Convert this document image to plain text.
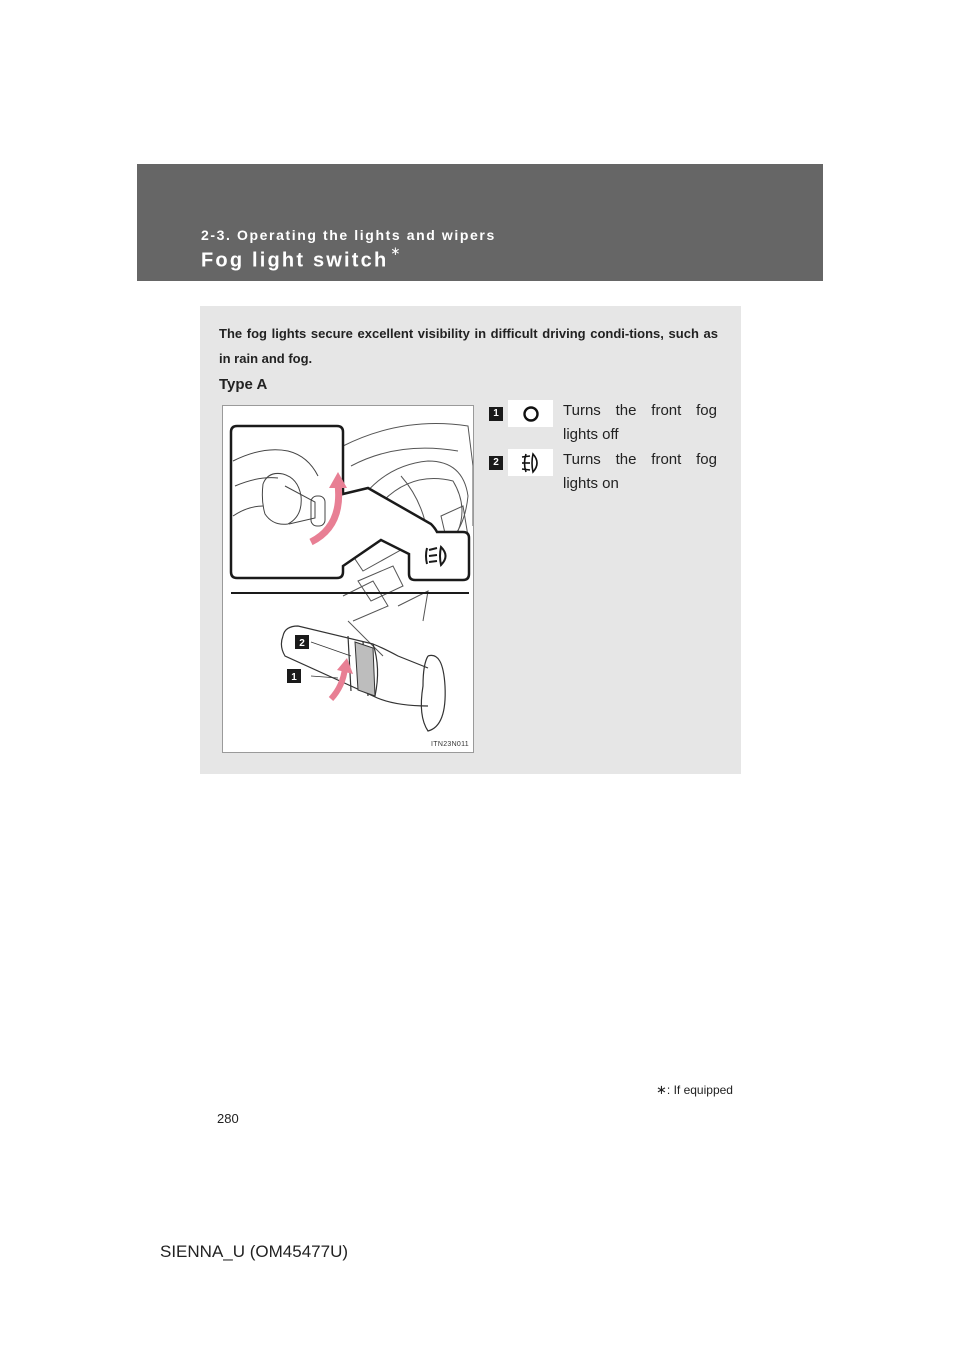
2-3. Operating the lights and wipers
Fog light switch ∗
The fog lights secure excellent visibility in difficult driving condi-tions, such as in rain and fog.
Type A
2
1
ITN23N011
1	Turns the front fog lights off
2	Turns the front fog lights on
∗: If equipped
280
SIENNA_U (OM45477U)
